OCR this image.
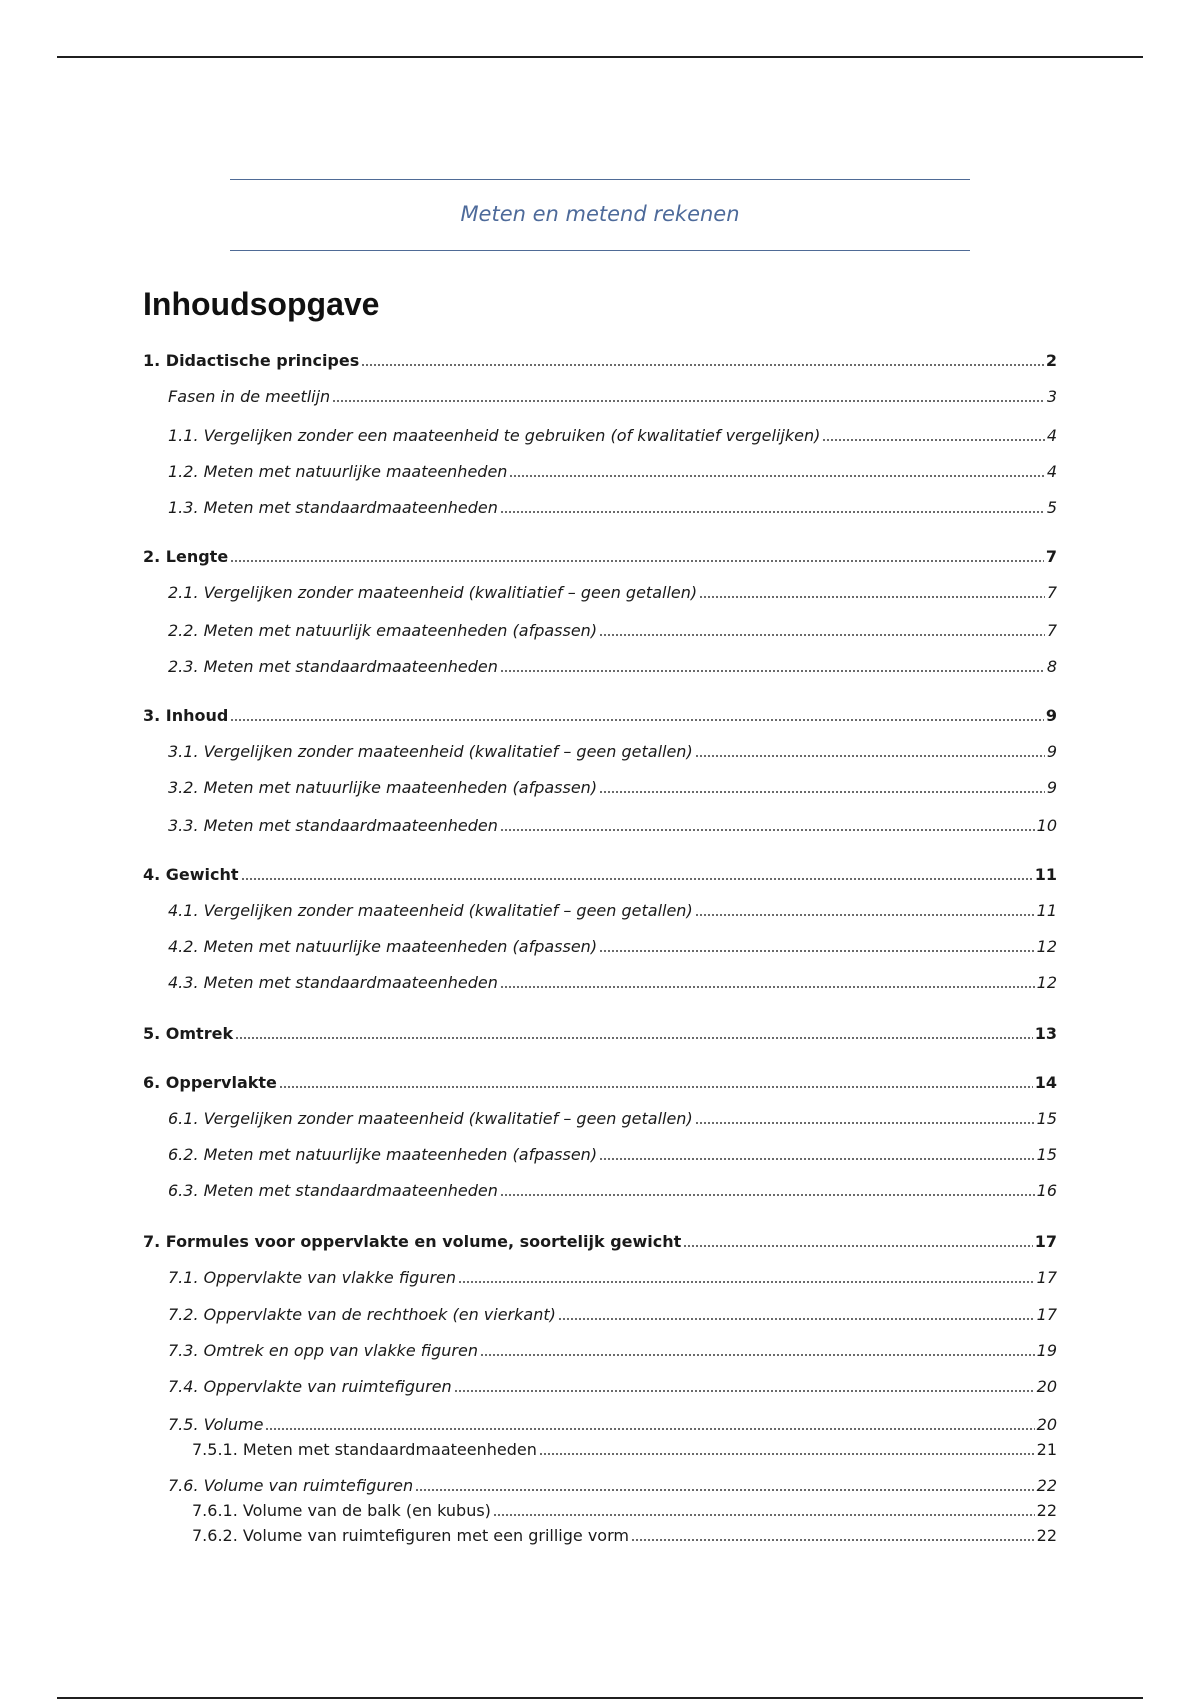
Meten en metend rekenen
Inhoudsopgave
1. Didactische principes	2
Fasen in de meetlijn	3
1.1. Vergelijken zonder een maateenheid te gebruiken (of kwalitatief vergelijken)	4
1.2. Meten met natuurlijke maateenheden	4
1.3. Meten met standaardmaateenheden	5
2. Lengte	7
2.1. Vergelijken zonder maateenheid (kwalitiatief – geen getallen)	7
2.2. Meten met natuurlijk emaateenheden (afpassen)	7
2.3. Meten met standaardmaateenheden	8
3. Inhoud	9
3.1. Vergelijken zonder maateenheid (kwalitatief – geen getallen)	9
3.2. Meten met natuurlijke maateenheden (afpassen)	9
3.3. Meten met standaardmaateenheden	10
4. Gewicht	11
4.1. Vergelijken zonder maateenheid (kwalitatief – geen getallen)	11
4.2. Meten met natuurlijke maateenheden (afpassen)	12
4.3. Meten met standaardmaateenheden	12
5. Omtrek	13
6. Oppervlakte	14
6.1. Vergelijken zonder maateenheid (kwalitatief – geen getallen)	15
6.2. Meten met natuurlijke maateenheden (afpassen)	15
6.3. Meten met standaardmaateenheden	16
7. Formules voor oppervlakte en volume, soortelijk gewicht	17
7.1. Oppervlakte van vlakke figuren	17
7.2. Oppervlakte van de rechthoek (en vierkant)	17
7.3. Omtrek en opp van vlakke figuren	19
7.4. Oppervlakte van ruimtefiguren	20
7.5. Volume	20
7.5.1. Meten met standaardmaateenheden	21
7.6. Volume van ruimtefiguren	22
7.6.1. Volume van de balk (en kubus)	22
7.6.2. Volume van ruimtefiguren met een grillige vorm	22
